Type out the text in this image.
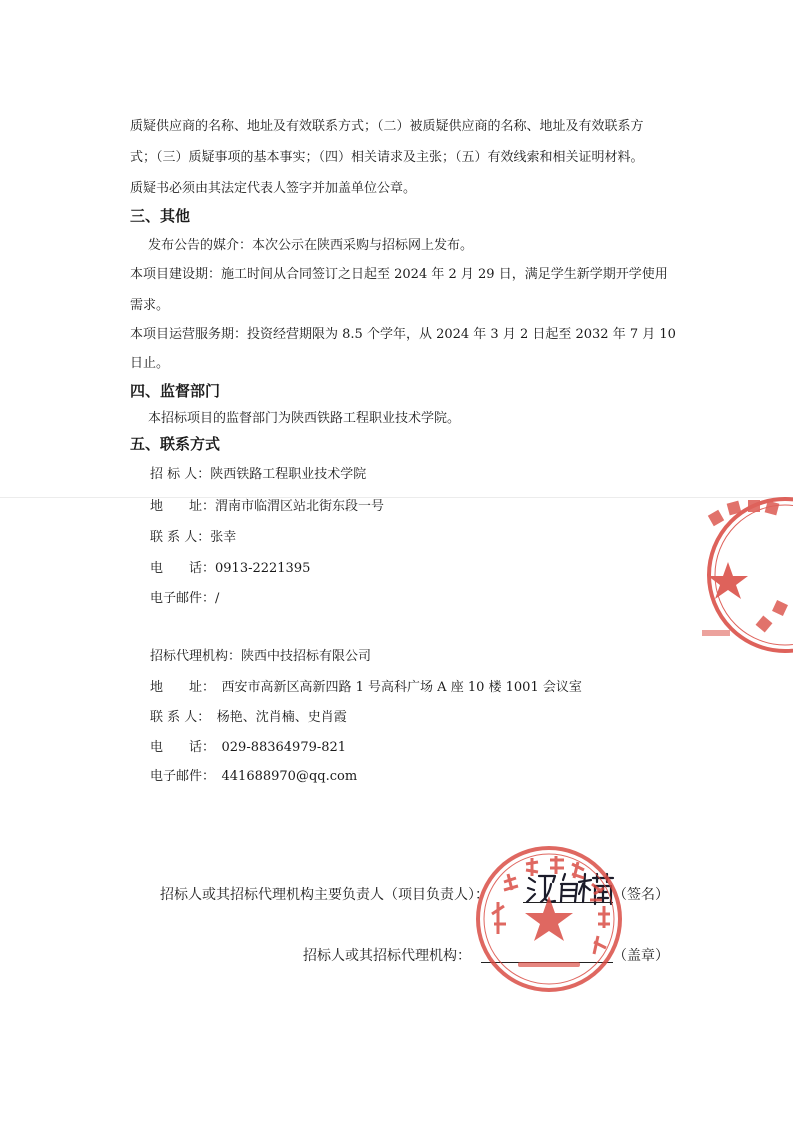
质疑供应商的名称、地址及有效联系方式；（二）被质疑供应商的名称、地址及有效联系方
式；（三）质疑事项的基本事实；（四）相关请求及主张；（五）有效线索和相关证明材料。
质疑书必须由其法定代表人签字并加盖单位公章。
三、其他
发布公告的媒介：本次公示在陕西采购与招标网上发布。
本项目建设期：施工时间从合同签订之日起至 2024 年 2 月 29 日，满足学生新学期开学使用
需求。
本项目运营服务期：投资经营期限为 8.5 个学年，从 2024 年 3 月 2 日起至 2032 年 7 月 10
日止。
四、监督部门
本招标项目的监督部门为陕西铁路工程职业技术学院。
五、联系方式
招 标 人：陕西铁路工程职业技术学院
地　　址：渭南市临渭区站北街东段一号
联 系 人：张幸
电　　话：0913-2221395
电子邮件：/
招标代理机构：陕西中技招标有限公司
地　　址：　西安市高新区高新四路 1 号高科广场 A 座 10 楼 1001 会议室
联 系 人：　杨艳、沈肖楠、史肖霞
电　　话：　029-88364979-821
电子邮件：　441688970@qq.com
招标人或其招标代理机构主要负责人（项目负责人）：	（签名）
招标人或其招标代理机构：	（盖章）
